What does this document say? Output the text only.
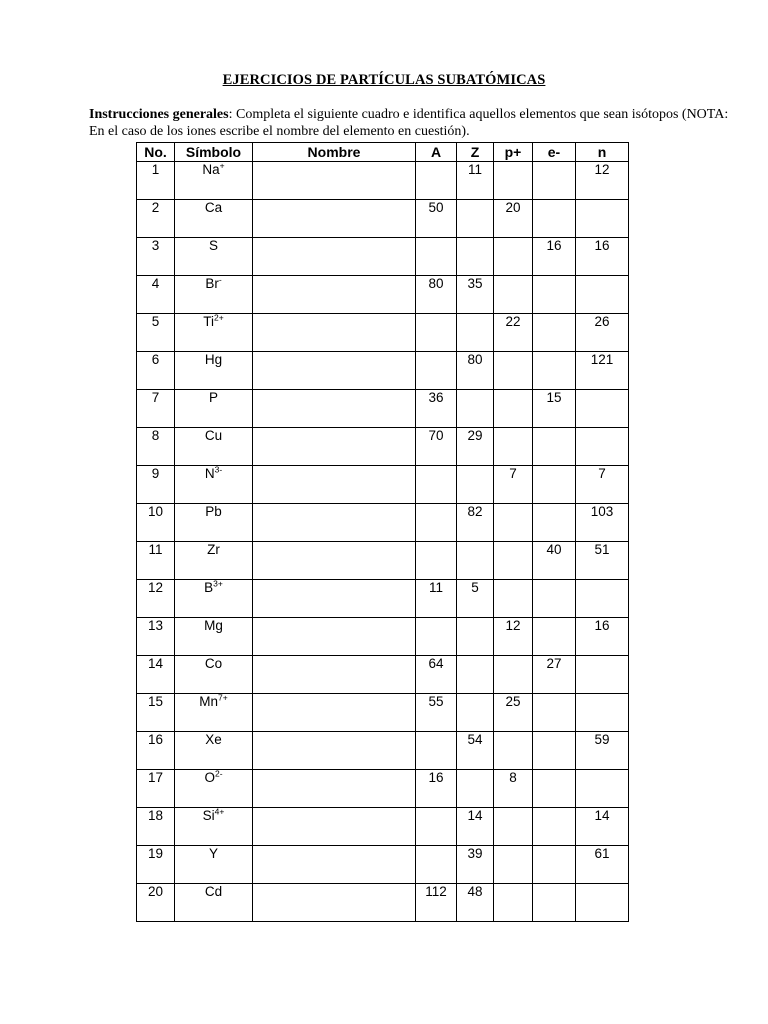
EJERCICIOS DE PARTÍCULAS SUBATÓMICAS
Instrucciones generales: Completa el siguiente cuadro e identifica aquellos elementos que sean isótopos (NOTA: En el caso de los iones escribe el nombre del elemento en cuestión).
No.	Símbolo	Nombre	A	Z	p+	e-	n
1	Na+			11			12

2	Ca		50		20		

3	S					16	16

4	Br-		80	35			

5	$Ti^{2+}$				22		26

6	Hg			80			121

7	P		36			15	

8	Cu		70	29			

9	$N^{3-}$				7		7

10	Pb			82			103

11	Zr					40	51

12	$B^{3+}$		11	5			

13	Mg				12		16

14	Co		64			27	

15	$Mn^{7+}$		55		25		

16	Xe			54			59

17	$O^{2-}$		16		8		

18	$Si^{4+}$			14			14

19	Y			39			61

20	Cd		112	48			
